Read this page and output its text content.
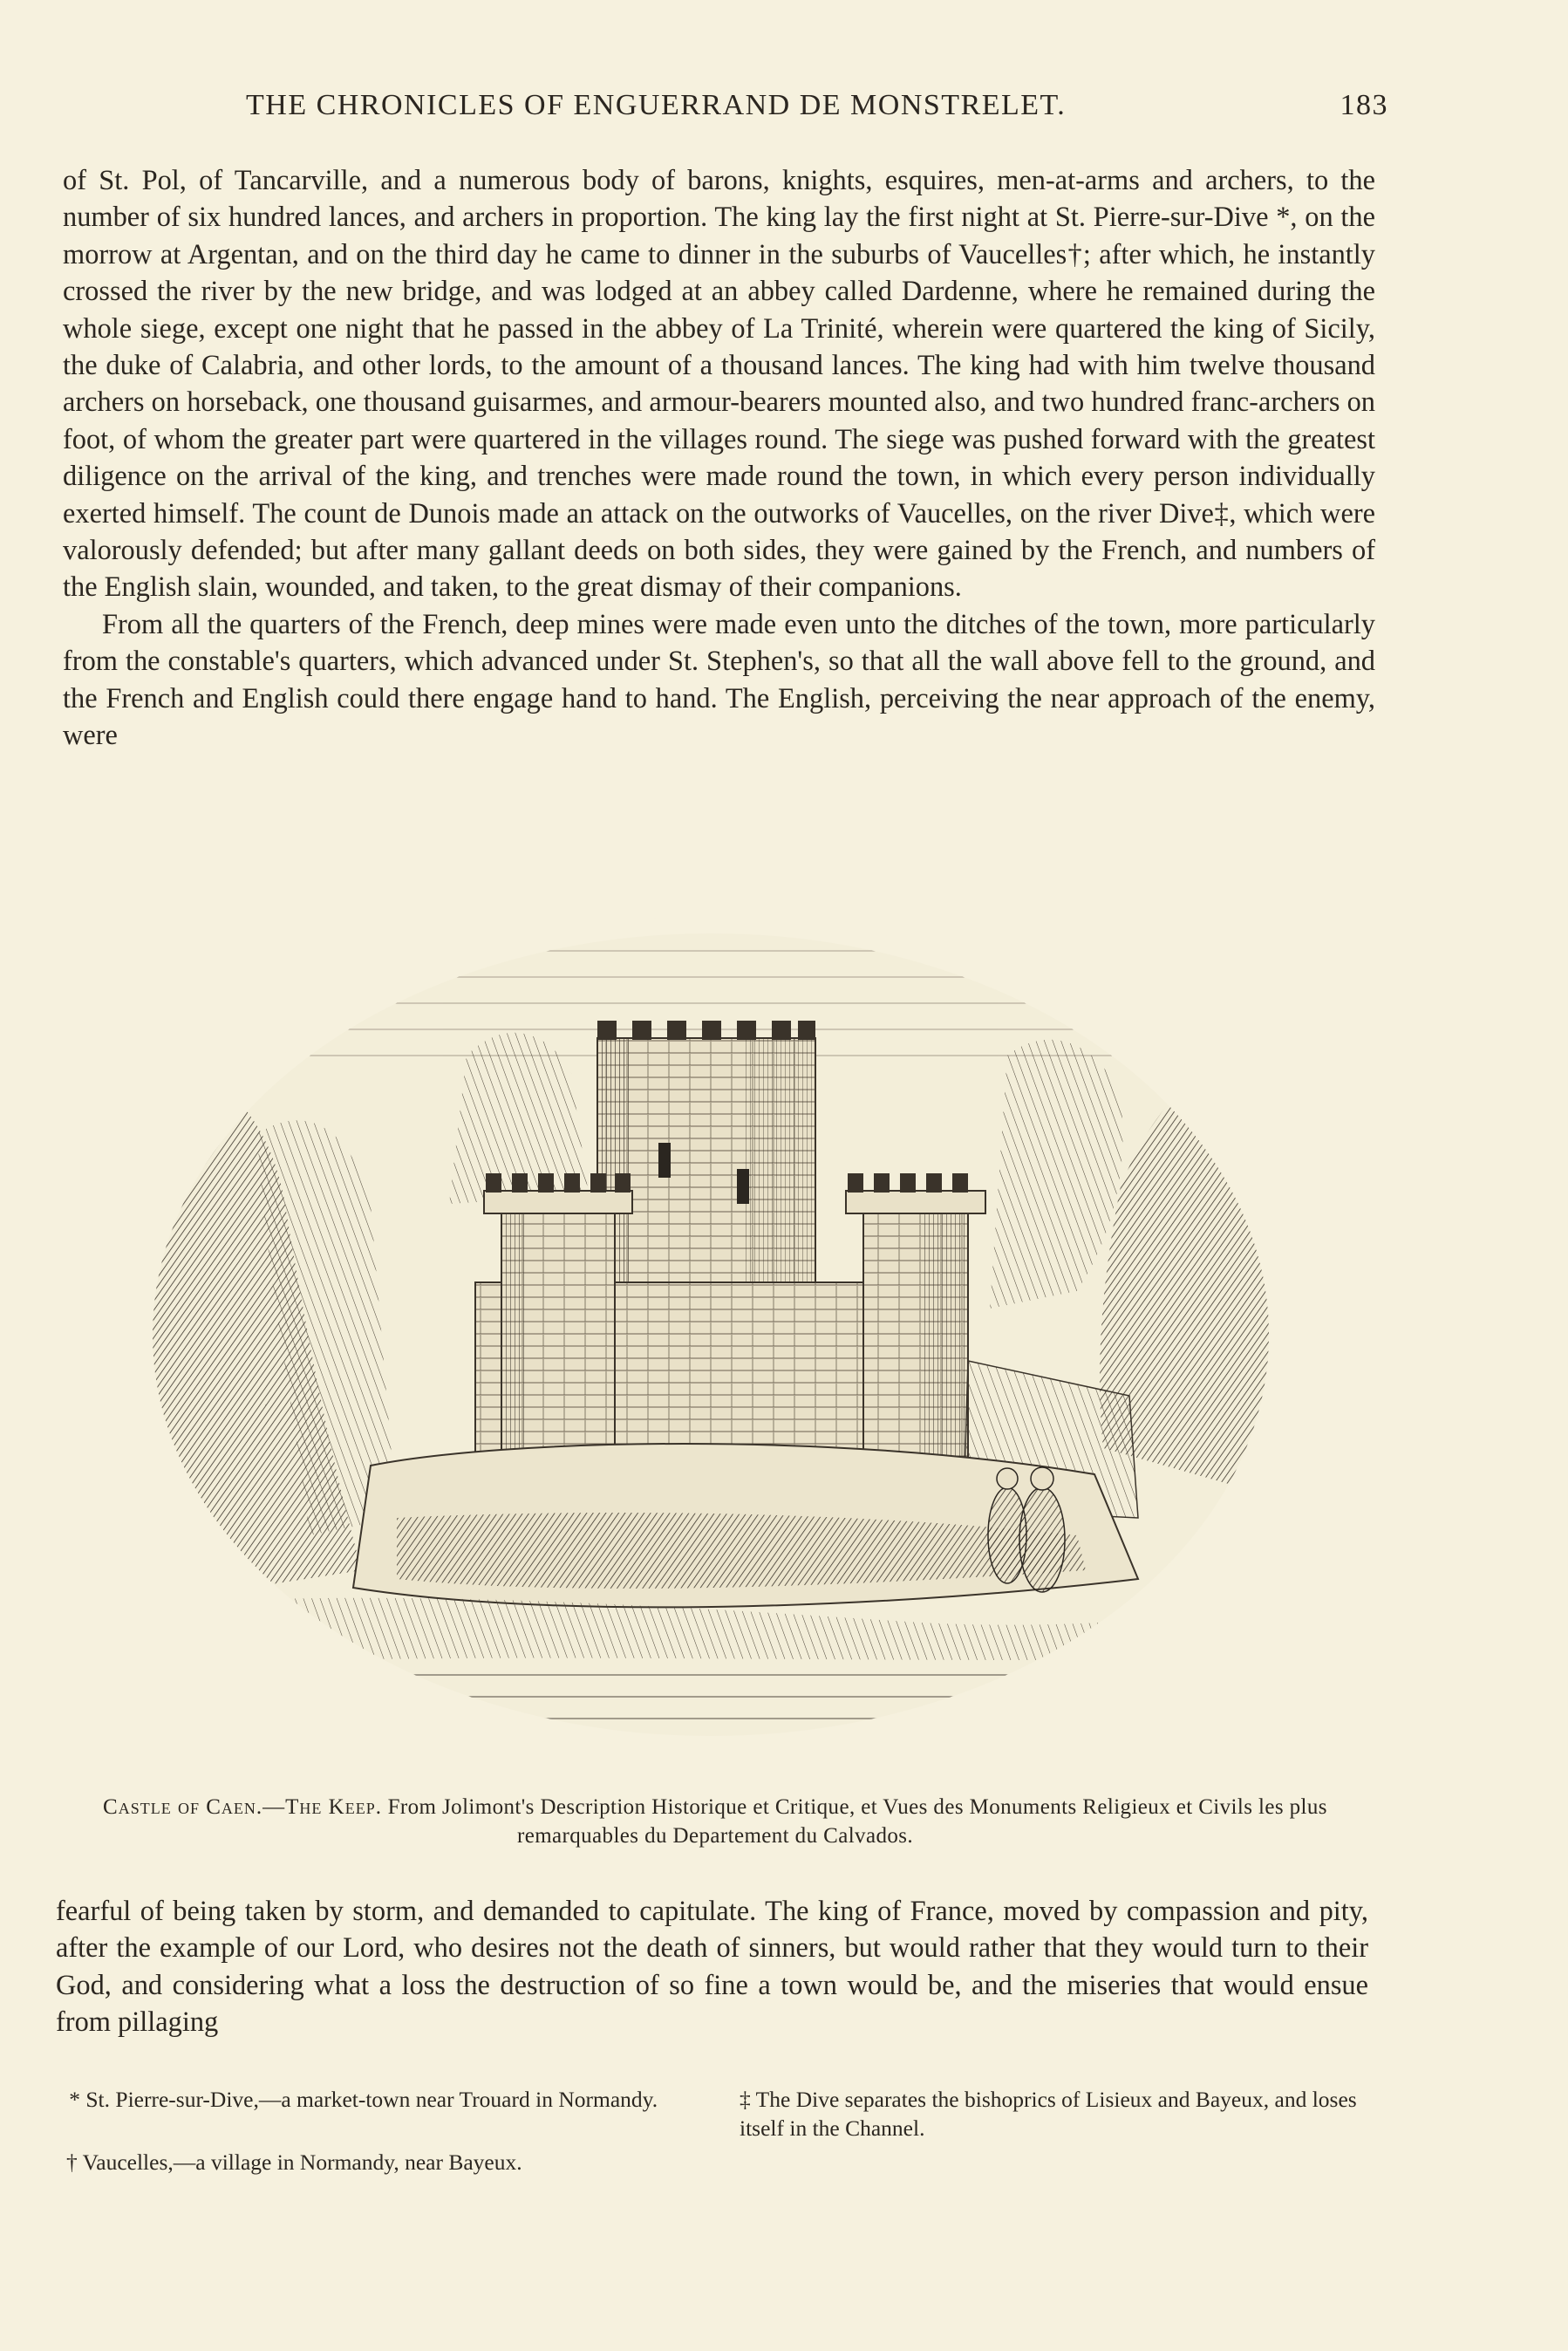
THE CHRONICLES OF ENGUERRAND DE MONSTRELET.	183

of St. Pol, of Tancarville, and a numerous body of barons, knights, esquires, men-at-arms and archers, to the number of six hundred lances, and archers in proportion. The king lay the first night at St. Pierre-sur-Dive *, on the morrow at Argentan, and on the third day he came to dinner in the suburbs of Vaucelles†; after which, he instantly crossed the river by the new bridge, and was lodged at an abbey called Dardenne, where he remained during the whole siege, except one night that he passed in the abbey of La Trinité, wherein were quartered the king of Sicily, the duke of Calabria, and other lords, to the amount of a thousand lances. The king had with him twelve thousand archers on horseback, one thousand guisarmes, and armour-bearers mounted also, and two hundred franc-archers on foot, of whom the greater part were quartered in the villages round. The siege was pushed forward with the greatest diligence on the arrival of the king, and trenches were made round the town, in which every person individually exerted himself. The count de Dunois made an attack on the outworks of Vaucelles, on the river Dive‡, which were valorously defended; but after many gallant deeds on both sides, they were gained by the French, and numbers of the English slain, wounded, and taken, to the great dismay of their companions.

From all the quarters of the French, deep mines were made even unto the ditches of the town, more particularly from the constable's quarters, which advanced under St. Stephen's, so that all the wall above fell to the ground, and the French and English could there engage hand to hand. The English, perceiving the near approach of the enemy, were

Castle of Caen.—The Keep. From Jolimont's Description Historique et Critique, et Vues des Monuments Religieux et Civils les plus remarquables du Departement du Calvados.

fearful of being taken by storm, and demanded to capitulate. The king of France, moved by compassion and pity, after the example of our Lord, who desires not the death of sinners, but would rather that they would turn to their God, and considering what a loss the destruction of so fine a town would be, and the miseries that would ensue from pillaging

* St. Pierre-sur-Dive,—a market-town near Trouard in Normandy.
† Vaucelles,—a village in Normandy, near Bayeux.
‡ The Dive separates the bishoprics of Lisieux and Bayeux, and loses itself in the Channel.
